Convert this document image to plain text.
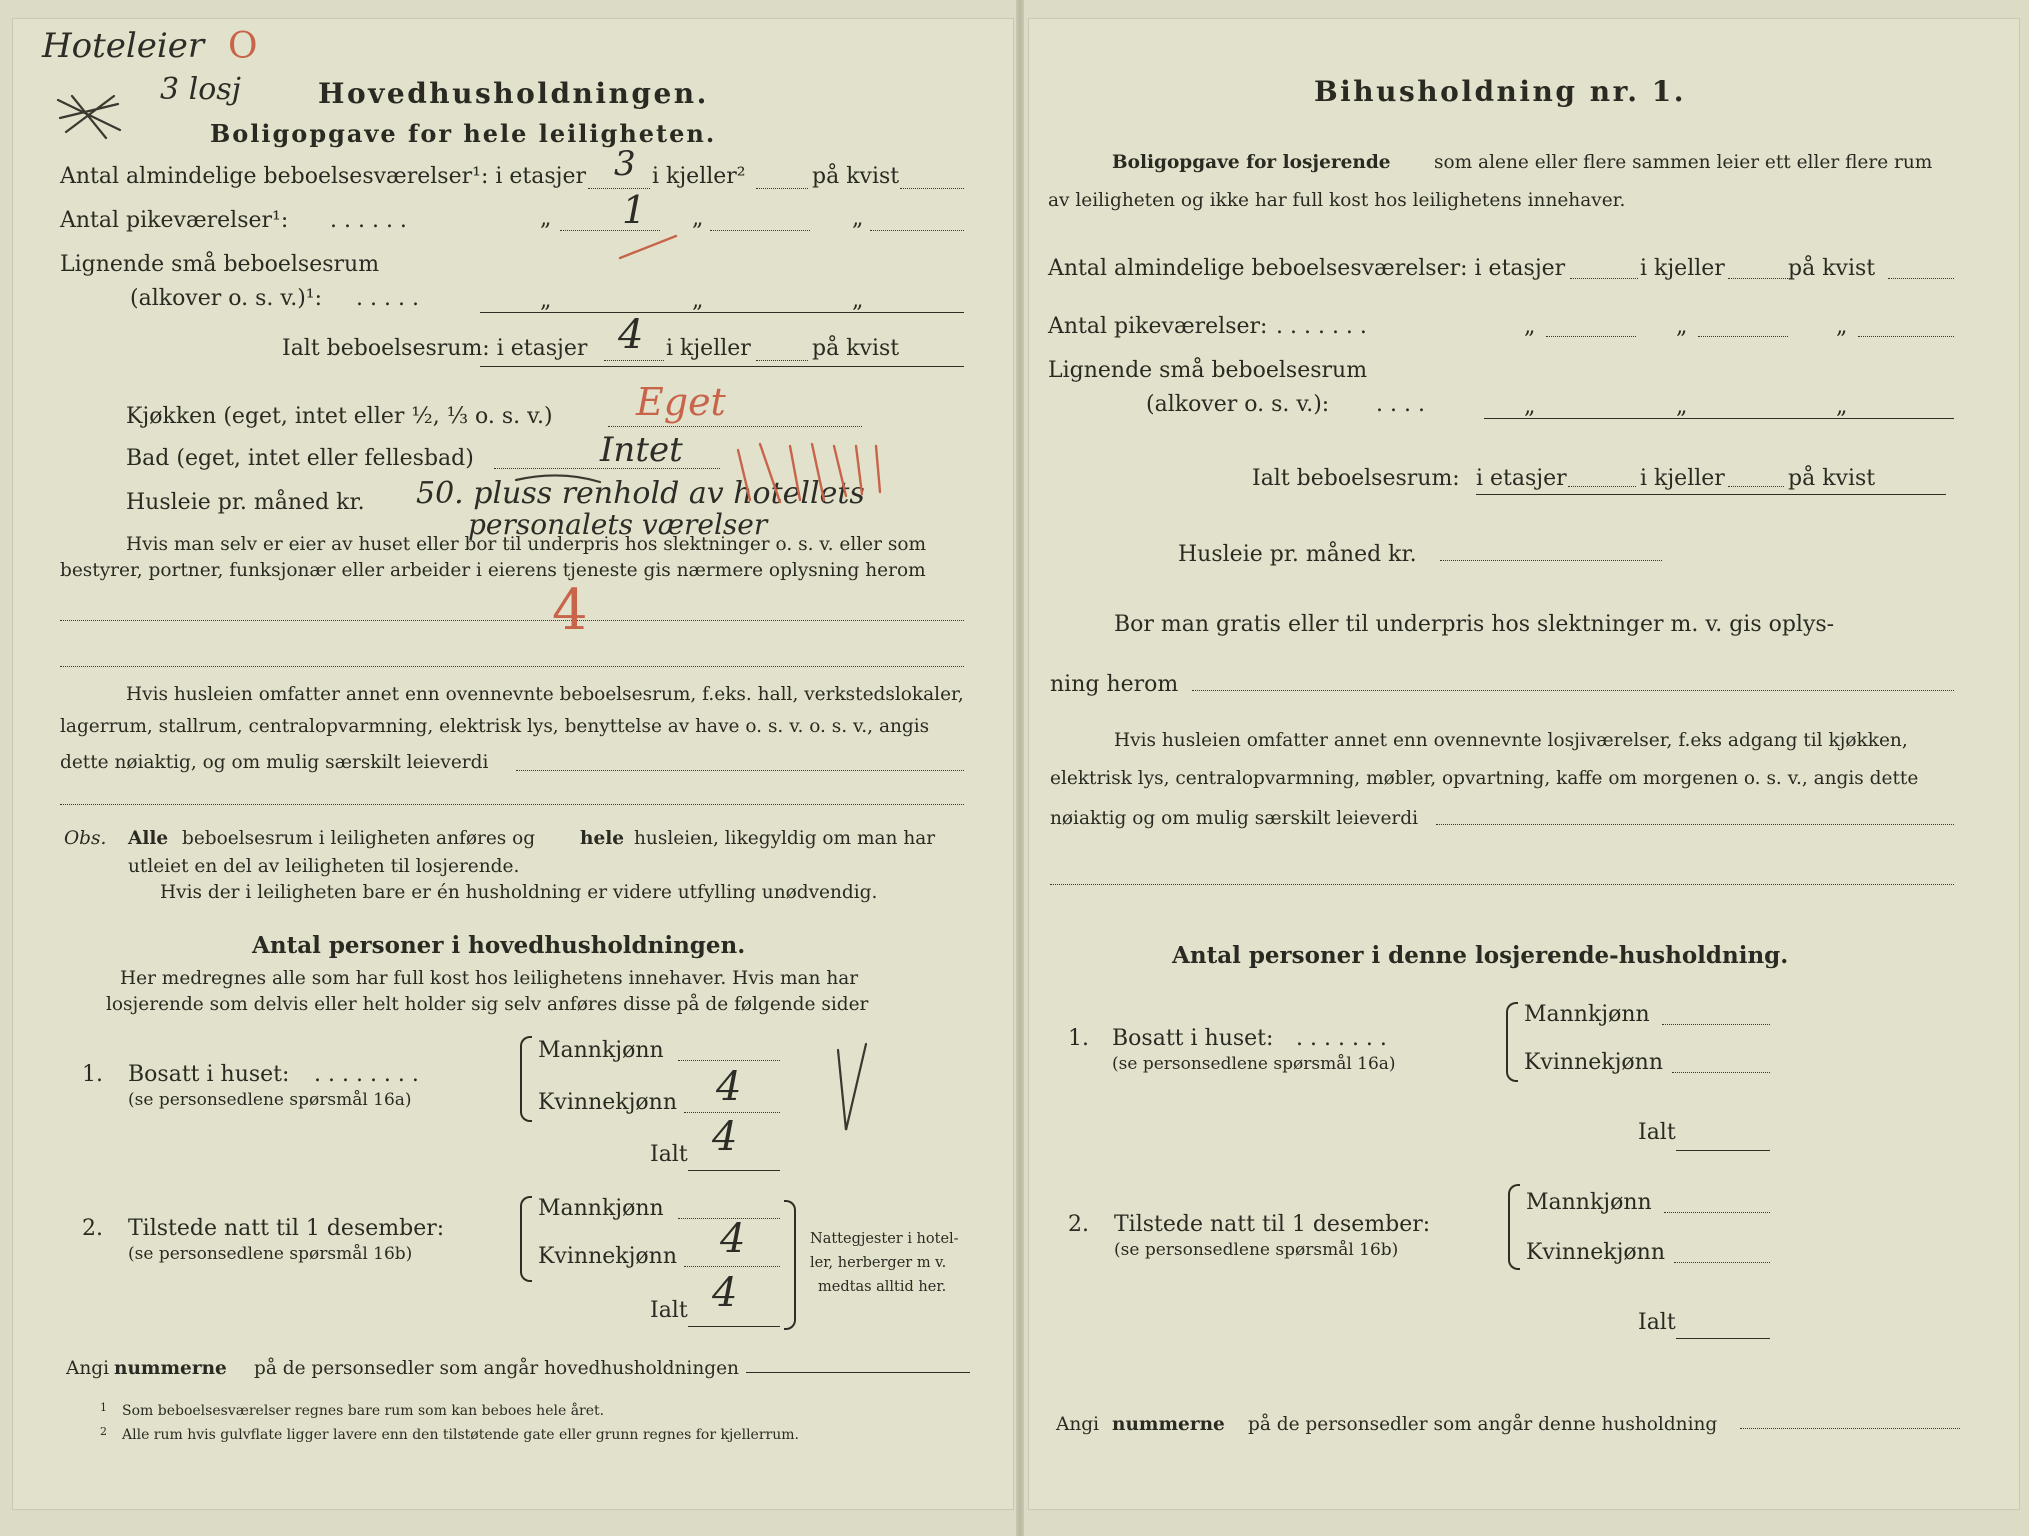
Hoteleier O
3 losj	Hovedhusholdningen.
Boligopgave for hele leiligheten.
Antal almindelige beboelsesværelser¹: i etasjer 3 i kjeller²	på kvist
Antal pikeværelser¹: . . . . . .	„ 1 „	„
Lignende små beboelsesrum
(alkover o. s. v.)¹: . . . . .	„	„	„
Ialt beboelsesrum: i etasjer 4 i kjeller	på kvist
Kjøkken (eget, intet eller ½, ⅓ o. s. v.) Eget
Bad (eget, intet eller fellesbad)	Intet
Husleie pr. måned kr. 50. pluss renhold av hotellets
personalets værelser
Hvis man selv er eier av huset eller bor til underpris hos slektninger o. s. v. eller som
bestyrer, portner, funksjonær eller arbeider i eierens tjeneste gis nærmere oplysning herom
4
Hvis husleien omfatter annet enn ovennevnte beboelsesrum, f.eks. hall, verkstedslokaler,
lagerrum, stallrum, centralopvarmning, elektrisk lys, benyttelse av have o. s. v. o. s. v., angis
dette nøiaktig, og om mulig særskilt leieverdi
Obs. Alle beboelsesrum i leiligheten anføres og hele husleien, likegyldig om man har
utleiet en del av leiligheten til losjerende.
Hvis der i leiligheten bare er én husholdning er videre utfylling unødvendig.
Antal personer i hovedhusholdningen.
Her medregnes alle som har full kost hos leilighetens innehaver. Hvis man har
losjerende som delvis eller helt holder sig selv anføres disse på de følgende sider
1. Bosatt i huset: . . . . . . . .
(se personsedlene spørsmål 16a)
Mannkjønn
Kvinnekjønn 4
Ialt 4
2. Tilstede natt til 1 desember:
(se personsedlene spørsmål 16b)
Mannkjønn
Kvinnekjønn 4
Ialt 4
Nattegjester i hotel-
ler, herberger m v.
medtas alltid her.
Angi nummerne på de personsedler som angår hovedhusholdningen
1 Som beboelsesværelser regnes bare rum som kan beboes hele året.
2 Alle rum hvis gulvflate ligger lavere enn den tilstøtende gate eller grunn regnes for kjellerrum.
Bihusholdning nr. 1.
Boligopgave for losjerende som alene eller flere sammen leier ett eller flere rum
av leiligheten og ikke har full kost hos leilighetens innehaver.
Antal almindelige beboelsesværelser: i etasjer	i kjeller	på kvist
Antal pikeværelser: . . . . . . .	„	„	„
Lignende små beboelsesrum
(alkover o. s. v.): . . . .	„	„	„
Ialt beboelsesrum: i etasjer	i kjeller	på kvist
Husleie pr. måned kr.
Bor man gratis eller til underpris hos slektninger m. v. gis oplys-
ning herom
Hvis husleien omfatter annet enn ovennevnte losjiværelser, f.eks adgang til kjøkken,
elektrisk lys, centralopvarmning, møbler, opvartning, kaffe om morgenen o. s. v., angis dette
nøiaktig og om mulig særskilt leieverdi
Antal personer i denne losjerende-husholdning.
1. Bosatt i huset: . . . . . . .
(se personsedlene spørsmål 16a)
Mannkjønn
Kvinnekjønn
Ialt
2. Tilstede natt til 1 desember:
(se personsedlene spørsmål 16b)
Mannkjønn
Kvinnekjønn
Ialt
Angi nummerne på de personsedler som angår denne husholdning
